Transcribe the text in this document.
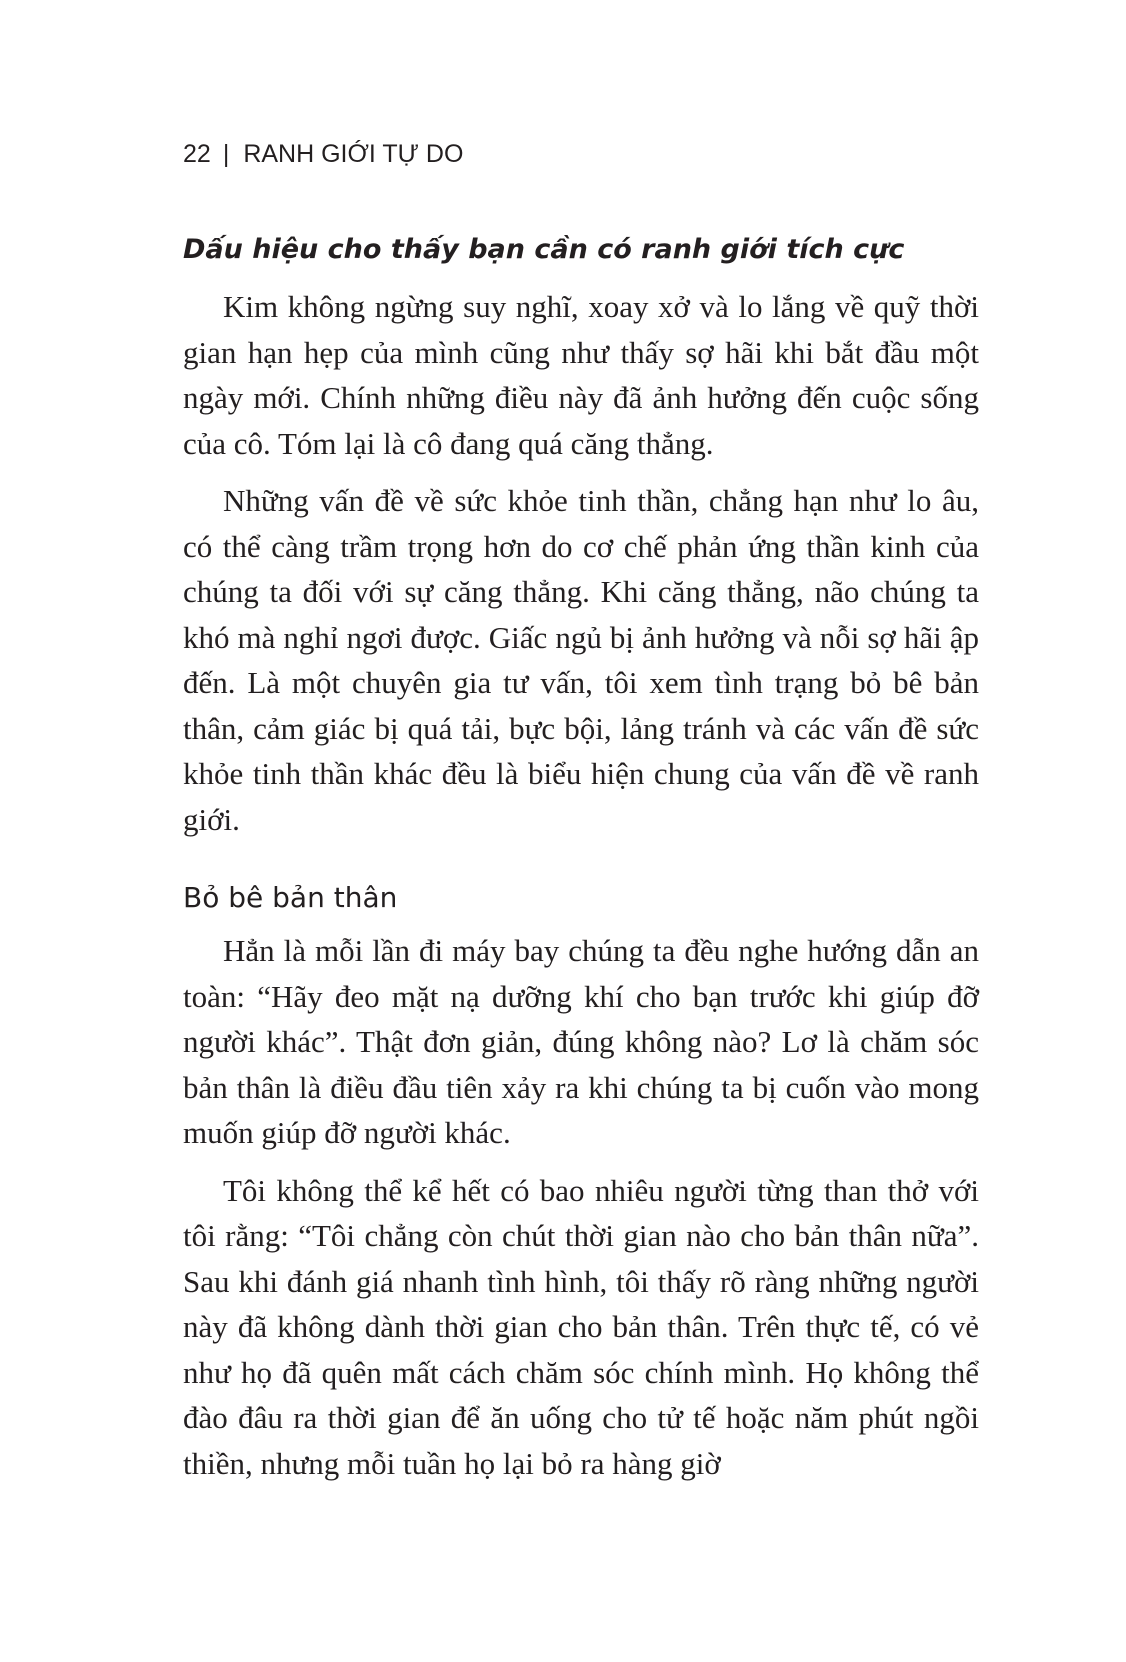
22 | RANH GIỚI TỰ DO
Dấu hiệu cho thấy bạn cần có ranh giới tích cực

Kim không ngừng suy nghĩ, xoay xở và lo lắng về quỹ thời gian hạn hẹp của mình cũng như thấy sợ hãi khi bắt đầu một ngày mới. Chính những điều này đã ảnh hưởng đến cuộc sống của cô. Tóm lại là cô đang quá căng thẳng.

Những vấn đề về sức khỏe tinh thần, chẳng hạn như lo âu, có thể càng trầm trọng hơn do cơ chế phản ứng thần kinh của chúng ta đối với sự căng thẳng. Khi căng thẳng, não chúng ta khó mà nghỉ ngơi được. Giấc ngủ bị ảnh hưởng và nỗi sợ hãi ập đến. Là một chuyên gia tư vấn, tôi xem tình trạng bỏ bê bản thân, cảm giác bị quá tải, bực bội, lảng tránh và các vấn đề sức khỏe tinh thần khác đều là biểu hiện chung của vấn đề về ranh giới.

Bỏ bê bản thân

Hẳn là mỗi lần đi máy bay chúng ta đều nghe hướng dẫn an toàn: “Hãy đeo mặt nạ dưỡng khí cho bạn trước khi giúp đỡ người khác”. Thật đơn giản, đúng không nào? Lơ là chăm sóc bản thân là điều đầu tiên xảy ra khi chúng ta bị cuốn vào mong muốn giúp đỡ người khác.

Tôi không thể kể hết có bao nhiêu người từng than thở với tôi rằng: “Tôi chẳng còn chút thời gian nào cho bản thân nữa”. Sau khi đánh giá nhanh tình hình, tôi thấy rõ ràng những người này đã không dành thời gian cho bản thân. Trên thực tế, có vẻ như họ đã quên mất cách chăm sóc chính mình. Họ không thể đào đâu ra thời gian để ăn uống cho tử tế hoặc năm phút ngồi thiền, nhưng mỗi tuần họ lại bỏ ra hàng giờ
